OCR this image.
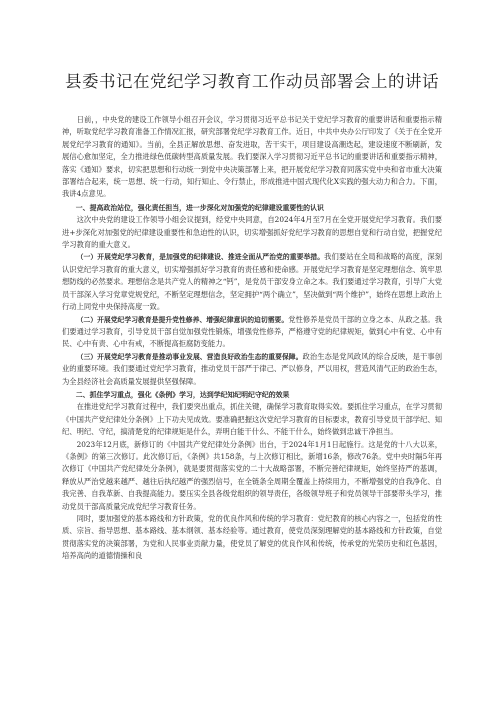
县委书记在党纪学习教育工作动员部署会上的讲话

日前，，中央党的建设工作领导小组召开会议，学习贯彻习近平总书记关于党纪学习教育的重要讲话和重要指示精神，听取党纪学习教育准备工作情况汇报，研究部署党纪学习教育工作。近日，中共中央办公厅印发了《关于在全党开展党纪学习教育的通知》。当前，全县正解放思想、奋发进取，苦干实干，项目建设高潮迭起，建设速度不断刷新，发展信心愈加坚定，全力推进绿色低碳转型高质量发展。我们要深入学习贯彻习近平总书记的重要讲话和重要指示精神，落实《通知》要求，切实把思想和行动统一到党中央决策部署上来，把开展党纪学习教育同落实党中央和省市重大决策部署结合起来，统一思想、统一行动，知行知止、令行禁止，形成推进中国式现代化X实践的强大动力和合力。下面，我讲4点意见。

一、提高政治站位，强化责任担当，进一步深化对加强党的纪律建设重要性的认识

这次中央党的建设工作领导小组会议提到，经党中央同意，自2024年4月至7月在全党开展党纪学习教育。我们要进+步深化对加强党的纪律建设重要性和急迫性的认识，切实增强抓好党纪学习教育的思想自觉和行动自觉，把握党纪学习教育的重大意义。

（一）开展党纪学习教育，是加强党的纪律建设、推进全面从严治党的重要举措。我们要站在全局和战略的高度，深刻认识党纪学习教育的重大意义，切实增强抓好学习教育的责任感和使命感。开展党纪学习教育是坚定理想信念、筑牢思想防线的必然要求。理想信念是共产党人的精神之“钙”，是党员干部安身立命之本。我们要通过学习教育，引导广大党员干部深入学习党章党规党纪，不断坚定理想信念，坚定拥护“两个确立”，坚决做到“两个维护”，始终在思想上政治上行动上同党中央保持高度一致。

（二）开展党纪学习教育是提升党性修养、增强纪律意识的迫切需要。党性修养是党员干部的立身之本、从政之基。我们要通过学习教育，引导党员干部自觉加强党性锻炼，增强党性修养，严格遵守党的纪律规矩，做到心中有党、心中有民、心中有责、心中有戒，不断提高拒腐防变能力。

（三）开展党纪学习教育是推动事业发展、营造良好政治生态的重要保障。政治生态是党风政风的综合反映，是干事创业的重要环境。我们要通过党纪学习教育，推动党员干部严于律己、严以修身，严以用权，营造风清气正的政治生态，为全县经济社会高质量发展提供坚强保障。

二、抓住学习重点，强化《条例》学习，达到学纪知纪明纪守纪的效果

在推进党纪学习教育过程中，我们要突出重点，抓住关键，确保学习教育取得实效。要抓住学习重点，在学习贯彻《中国共产党纪律处分条例》上下功夫见成效。要准确把握这次党纪学习教育的目标要求，教育引导党员干部学纪、知纪、明纪、守纪，搞清楚党的纪律规矩是什么，弄明白能干什么、不能干什么，始终做到忠诚干净担当。

2023年12月底，新修订的《中国共产党纪律处分条例》出台，于2024年1月1日起施行。这是党的十八大以来，《条例》的第三次修订。此次修订后，《条例》共158条，与上次修订相比，新增16条，修改76条。党中央时隔5年再次修订《中国共产党纪律处分条例》，就是要贯彻落实党的二十大战略部署，不断完善纪律规矩，始终坚持严的基调，释放从严治党越来越严、越往后执纪越严的强烈信号，在全链条全周期全覆盖上持续用力，不断增强党的自我净化、自我完善、自我革新、自我提高能力。要压实全县各级党组织的领导责任，各级领导班子和党员领导干部要带头学习，推动党员干部高质量完成党纪学习教育任务。

同时，要加强党的基本路线和方针政策，党的优良作风和传统的学习教育：党纪教育的核心内容之一，包括党的性质、宗旨、指导思想、基本路线、基本纲领、基本经验等。通过教育，使党员深刻理解党的基本路线和方针政策，自觉贯彻落实党的决策部署，为党和人民事业贡献力量，使党员了解党的优良作风和传统，传承党的光荣历史和红色基因，培养高尚的道德情操和良
